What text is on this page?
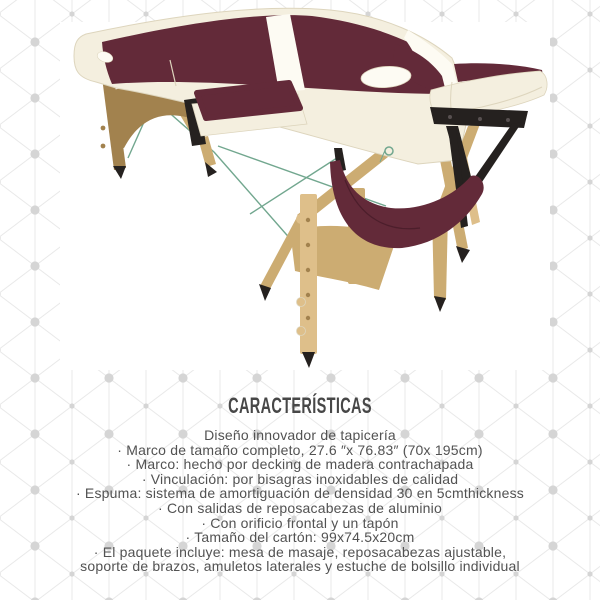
CARACTERÍSTICAS

Diseño innovador de tapicería

· Marco de tamaño completo, 27.6 ″x 76.83″ (70x 195cm)

· Marco: hecho por decking de madera contrachapada

· Vinculación: por bisagras inoxidables de calidad

· Espuma: sistema de amortiguación de densidad 30 en 5cmthickness

· Con salidas de reposacabezas de aluminio

· Con orificio frontal y un tapón

· Tamaño del cartón: 99x74.5x20cm

· El paquete incluye: mesa de masaje, reposacabezas ajustable,

soporte de brazos, amuletos laterales y estuche de bolsillo individual
